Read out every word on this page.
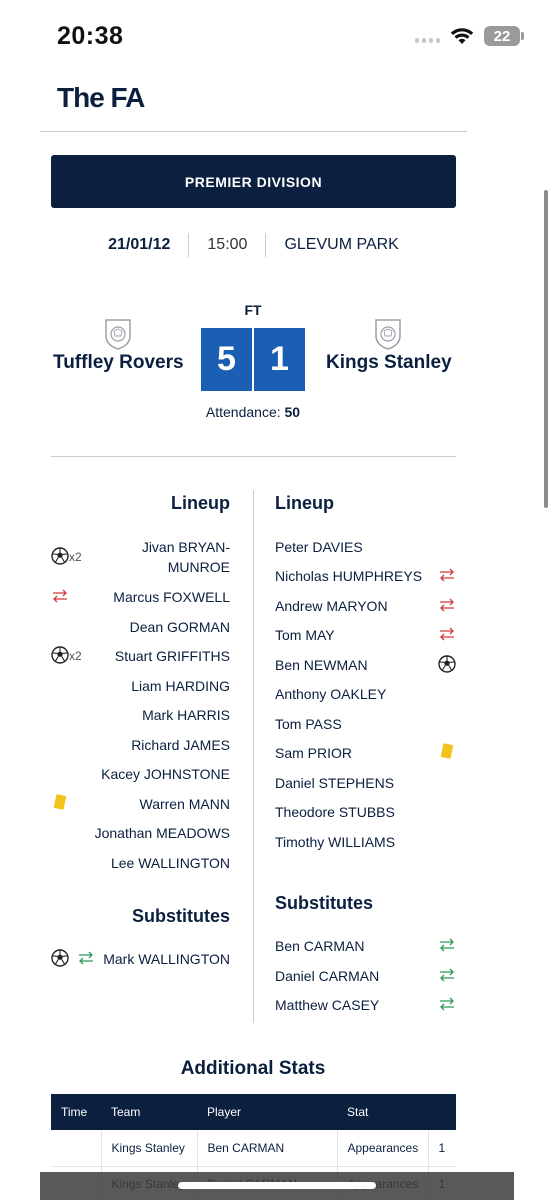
20:38	22
The FA
PREMIER DIVISION
21/01/12	15:00	GLEVUM PARK
FT
Tuffley Rovers	Kings Stanley
5	1
Attendance: 50
Lineup
Jivan BRYAN-
MUNROE
Marcus FOXWELL
Dean GORMAN
Stuart GRIFFITHS
Liam HARDING
Mark HARRIS
Richard JAMES
Kacey JOHNSTONE
Warren MANN
Jonathan MEADOWS
Lee WALLINGTON
Substitutes
Mark WALLINGTON
x2
x2
Lineup
Peter DAVIES
Nicholas HUMPHREYS
Andrew MARYON
Tom MAY
Ben NEWMAN
Anthony OAKLEY
Tom PASS
Sam PRIOR
Daniel STEPHENS
Theodore STUBBS
Timothy WILLIAMS
Substitutes
Ben CARMAN
Daniel CARMAN
Matthew CASEY
Additional Stats
Time	Team	Player	Stat	
	Kings Stanley	Ben CARMAN	Appearances	1
